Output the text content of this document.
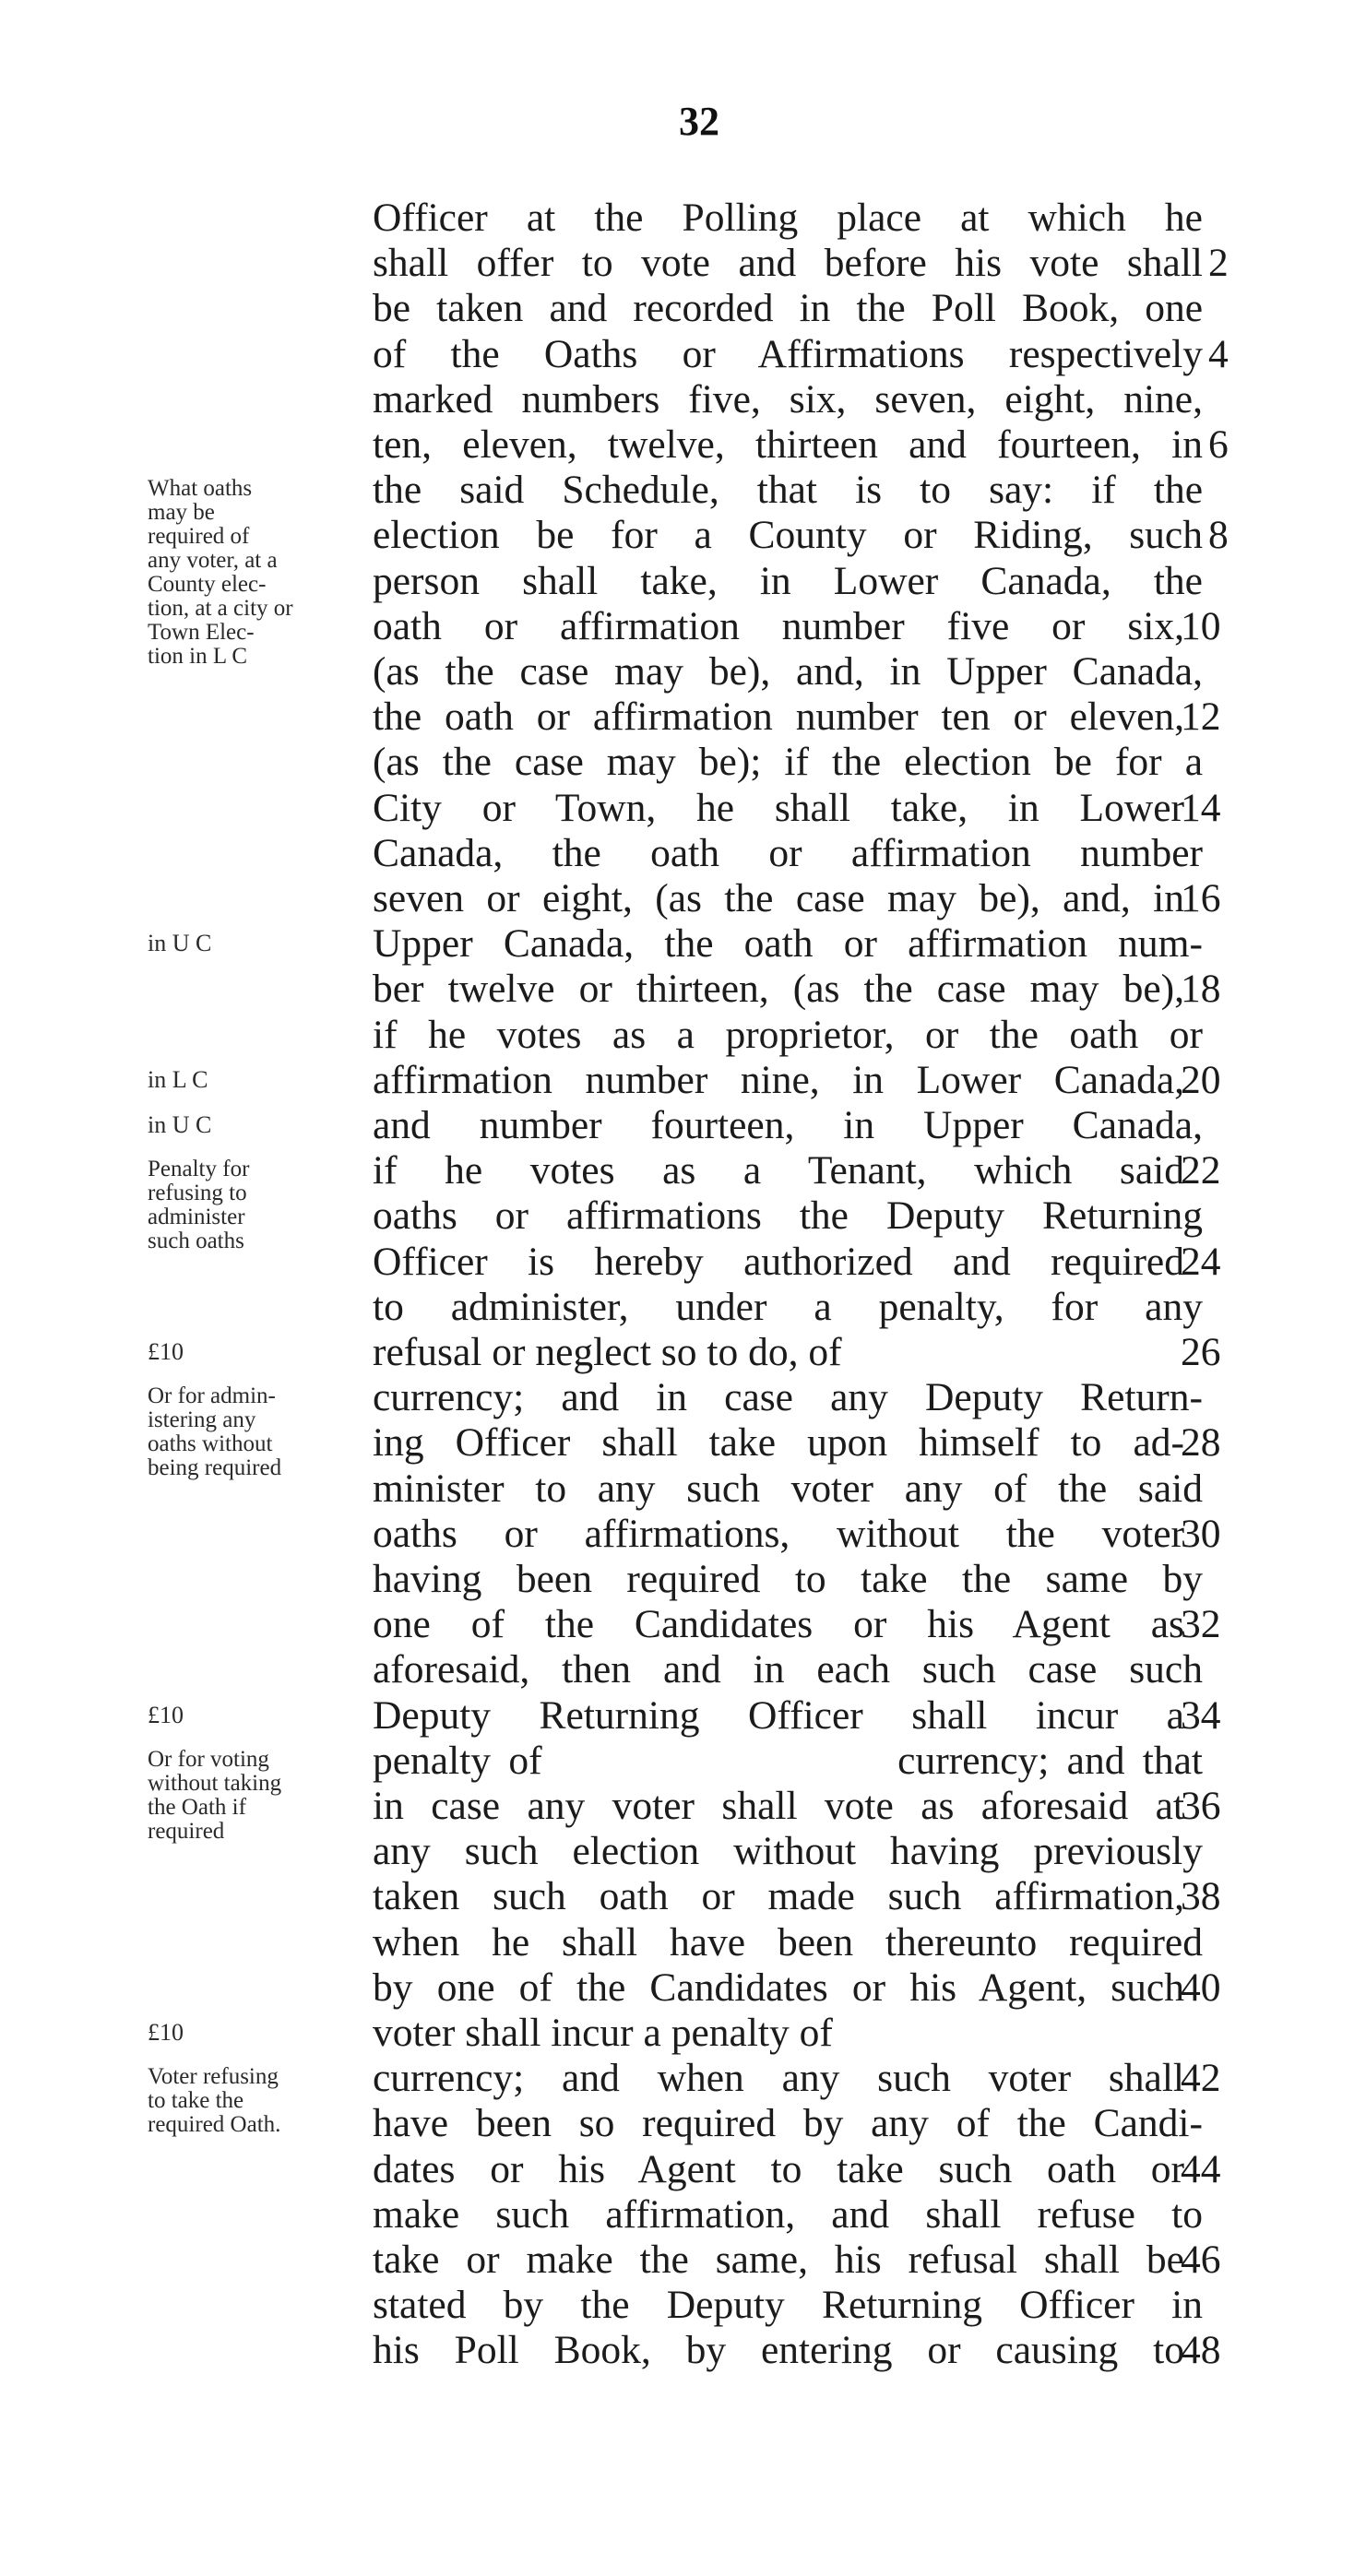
32
Officer at the Polling place at which he
shall offer to vote and before his vote shall 2
be taken and recorded in the Poll Book, one
of the Oaths or Affirmations respectively 4
marked numbers five, six, seven, eight, nine,
ten, eleven, twelve, thirteen and fourteen, in 6
the said Schedule, that is to say: if the
election be for a County or Riding, such 8
person shall take, in Lower Canada, the
oath or affirmation number five or six,
10
(as the case may be), and, in Upper Canada,
the oath or affirmation number ten or eleven,
12
(as the case may be); if the election be for a
City or Town, he shall take, in Lower
14
Canada, the oath or affirmation number
seven or eight, (as the case may be), and, in
16
Upper Canada, the oath or affirmation num-
ber twelve or thirteen, (as the case may be),
18
if he votes as a proprietor, or the oath or
affirmation number nine, in Lower Canada,
20
and number fourteen, in Upper Canada,
if he votes as a Tenant, which said
22
oaths or affirmations the Deputy Returning
Officer is hereby authorized and required
24
to administer, under a penalty, for any
refusal or neglect so to do, of	26
currency; and in case any Deputy Return-
ing Officer shall take upon himself to ad-
28
minister to any such voter any of the said
oaths or affirmations, without the voter
30
having been required to take the same by
one of the Candidates or his Agent as
32
aforesaid, then and in each such case such
Deputy Returning Officer shall incur a
34
penalty of                    currency; and that
in case any voter shall vote as aforesaid at
36
any such election without having previously
taken such oath or made such affirmation,
38
when he shall have been thereunto required
by one of the Candidates or his Agent, such
40
voter shall incur a penalty of
currency; and when any such voter shall
42
have been so required by any of the Candi-
dates or his Agent to take such oath or
44
make such affirmation, and shall refuse to
take or make the same, his refusal shall be
46
stated by the Deputy Returning Officer in
his Poll Book, by entering or causing to
48
What oaths
may be
required of
any voter, at a
County elec-
tion, at a city or
Town Elec-
tion in L C
in U C
in L C
in U C
Penalty for
refusing to
administer
such oaths
£10
Or for admin-
istering any
oaths without
being required
£10
Or for voting
without taking
the Oath if
required
£10
Voter refusing
to take the
required Oath.
